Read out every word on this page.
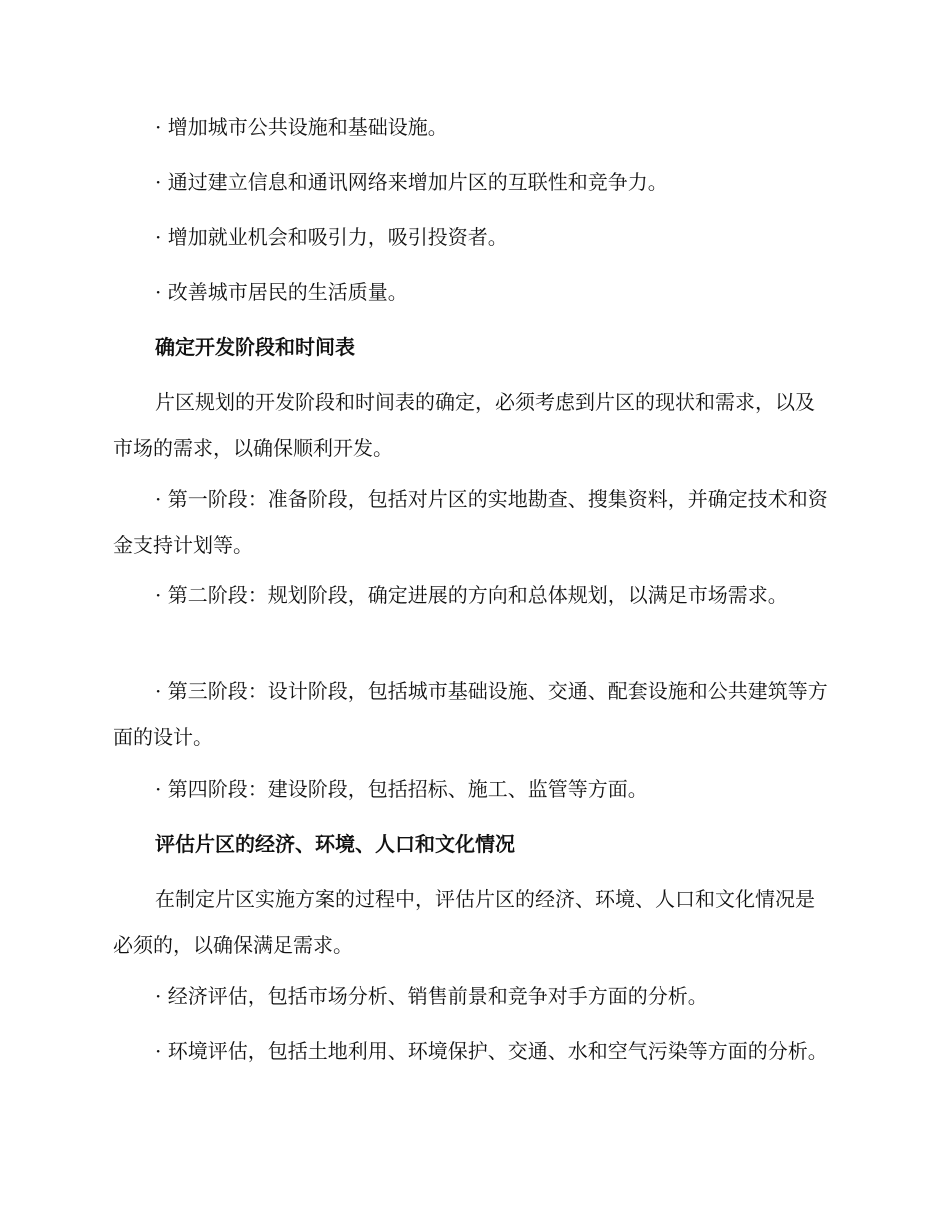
· 增加城市公共设施和基础设施。

· 通过建立信息和通讯网络来增加片区的互联性和竞争力。

· 增加就业机会和吸引力，吸引投资者。

· 改善城市居民的生活质量。

确定开发阶段和时间表

片区规划的开发阶段和时间表的确定，必须考虑到片区的现状和需求，以及市场的需求，以确保顺利开发。

· 第一阶段：准备阶段，包括对片区的实地勘查、搜集资料，并确定技术和资金支持计划等。

· 第二阶段：规划阶段，确定进展的方向和总体规划，以满足市场需求。

· 第三阶段：设计阶段，包括城市基础设施、交通、配套设施和公共建筑等方面的设计。

· 第四阶段：建设阶段，包括招标、施工、监管等方面。

评估片区的经济、环境、人口和文化情况

在制定片区实施方案的过程中，评估片区的经济、环境、人口和文化情况是必须的，以确保满足需求。

· 经济评估，包括市场分析、销售前景和竞争对手方面的分析。

· 环境评估，包括土地利用、环境保护、交通、水和空气污染等方面的分析。
